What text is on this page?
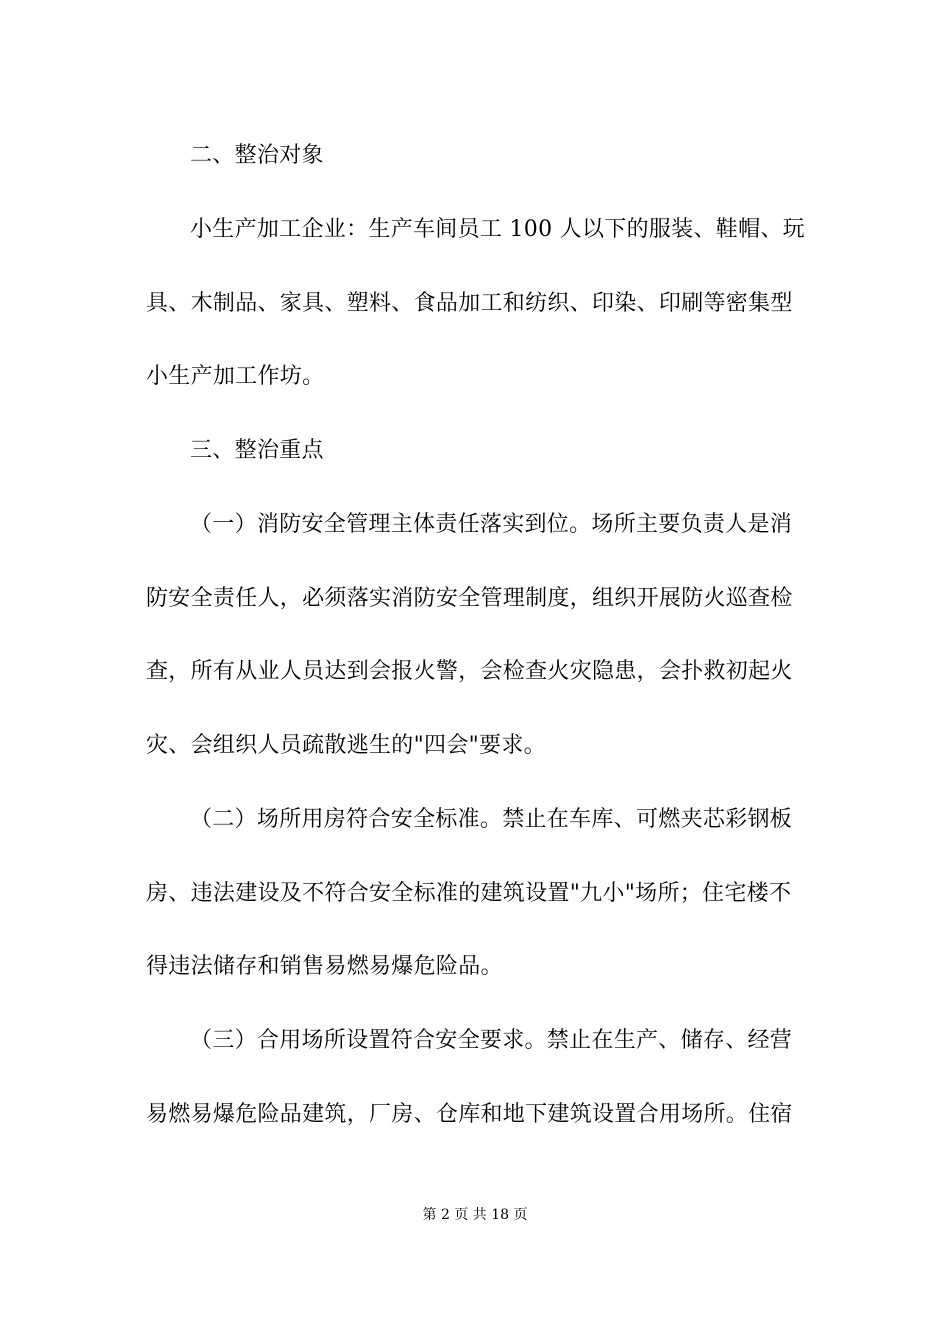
二、整治对象

小生产加工企业：生产车间员工 100 人以下的服装、鞋帽、玩
具、木制品、家具、塑料、食品加工和纺织、印染、印刷等密集型
小生产加工作坊。

三、整治重点

（一）消防安全管理主体责任落实到位。场所主要负责人是消
防安全责任人，必须落实消防安全管理制度，组织开展防火巡查检
查，所有从业人员达到会报火警，会检查火灾隐患，会扑救初起火
灾、会组织人员疏散逃生的"四会"要求。

（二）场所用房符合安全标准。禁止在车库、可燃夹芯彩钢板
房、违法建设及不符合安全标准的建筑设置"九小"场所；住宅楼不
得违法储存和销售易燃易爆危险品。

（三）合用场所设置符合安全要求。禁止在生产、储存、经营
易燃易爆危险品建筑，厂房、仓库和地下建筑设置合用场所。住宿

第 2 页 共 18 页
